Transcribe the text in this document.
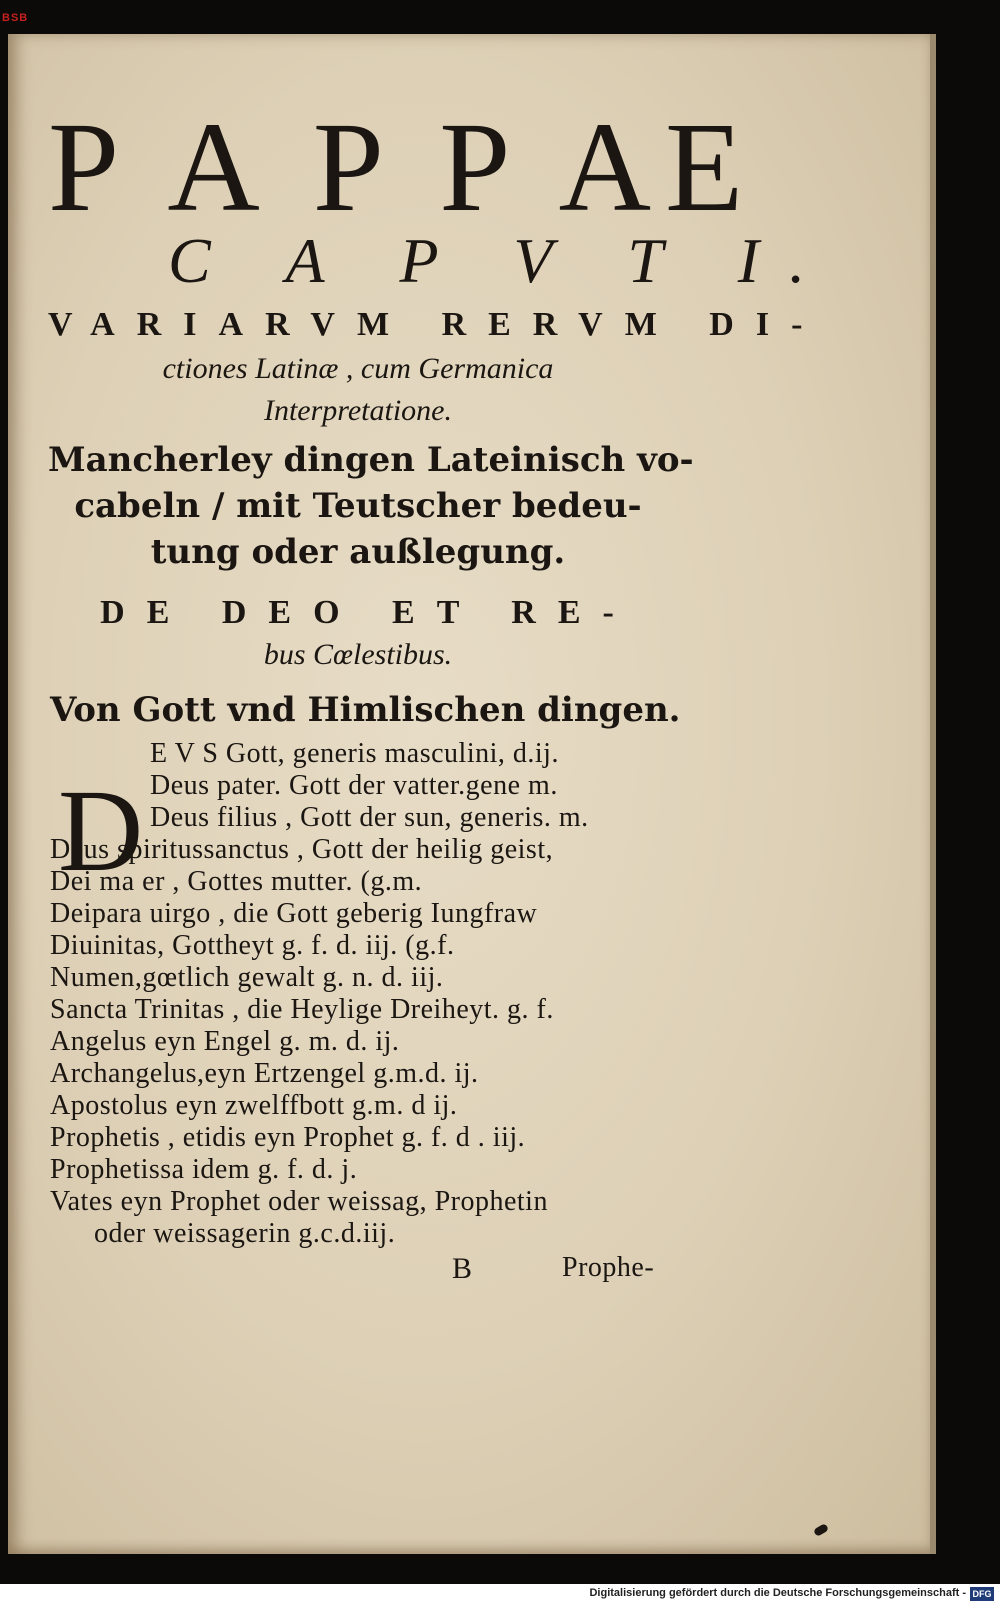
BSB
P A P P AE
C A P V T I.
VARIARVM RERVM DI-
ctiones Latinæ , cum Germanica
Interpretatione.
Mancherley dingen Lateinisch vo-
cabeln / mit Teutscher bedeu-
tung oder außlegung.
DE DEO ET RE-
bus Cœlestibus.
Von Gott vnd Himlischen dingen.
D
E V S Gott, generis masculini, d.ij.
Deus pater. Gott der vatter.gene m.
Deus filius , Gott der sun, generis. m.
Deus spiritussanctus , Gott der heilig geist,
Dei ma er , Gottes mutter. (g.m.
Deipara uirgo , die Gott geberig Iungfraw
Diuinitas, Gottheyt g. f. d. iij. (g.f.
Numen,gœtlich gewalt g. n. d. iij.
Sancta Trinitas , die Heylige Dreiheyt. g. f.
Angelus eyn Engel g. m. d. ij.
Archangelus,eyn Ertzengel g.m.d. ij.
Apostolus eyn zwelffbott g.m. d ij.
Prophetis , etidis eyn Prophet g. f. d . iij.
Prophetissa idem g. f. d. j.
Vates eyn Prophet oder weissag, Prophetin
oder weissagerin g.c.d.iij.
B	Prophe-
Digitalisierung gefördert durch die Deutsche Forschungsgemeinschaft - DFG
